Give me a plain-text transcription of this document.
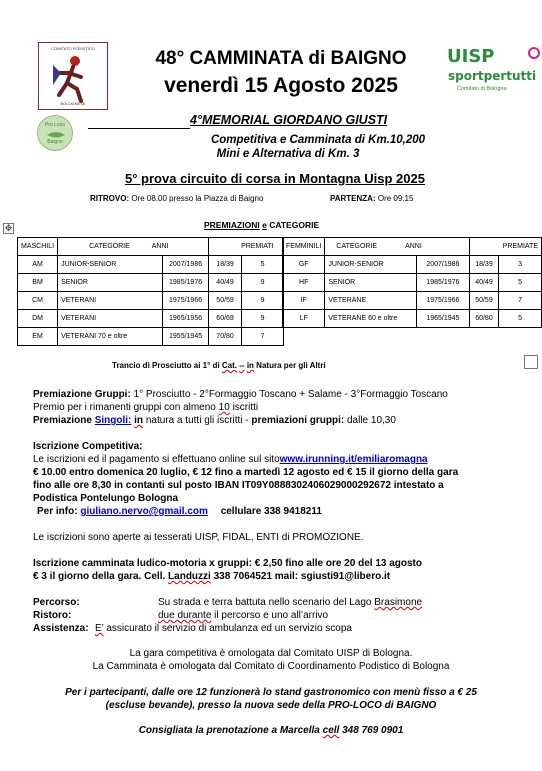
COMITATO PODISTICO
BOLOGNESE
Pro Loco
Baigno
UISP
sportpertutti
Comitato di Bologna
48° CAMMINATA di BAIGNO
venerdì 15 Agosto 2025
4°MEMORIAL GIORDANO GIUSTI
Competitiva e Camminata di Km.10,200
Mini e Alternativa di Km. 3
5° prova circuito di corsa in Montagna Uisp 2025
RITROVO: Ore 08.00 presso la Piazza di Baigno	PARTENZA: Ore 09.15
✥	PREMIAZIONI e CATEGORIE
MASCHILI	CATEGORIE ANNI		PREMIATI	
AM	JUNIOR-SENIOR	2007/1986	18/39	5
BM	SENIOR	1985/1976	40/49	9
CM	VETERANI	1975/1966	50/59	9
DM	VETERANI	1965/1956	60/69	9
EM	VETERANI 70 e oltre	1955/1945	70/80	7
FEMMINILI	CATEGORIE ANNI		PREMIATE	
GF	JUNIOR-SENIOR	2007/1986	18/39	3
HF	SENIOR	1985/1976	40/49	5
IF	VETERANE	1975/1966	50/59	7
LF	VETERANE 60 e oltre	1965/1945	60/80	5
Trancio di Prosciutto ai 1° di Cat. -- in Natura per gli Altri
Premiazione Gruppi: 1° Prosciutto - 2°Formaggio Toscano + Salame - 3°Formaggio Toscano
Premio per i rimanenti gruppi con almeno 10 iscritti
Premiazione Singoli: in natura a tutti gli iscritti - premiazioni gruppi: dalle 10,30
Iscrizione Competitiva:
Le iscrizioni ed il pagamento si effettuano online sul sitowww.irunning.it/emiliaromagna
€ 10.00 entro domenica 20 luglio, € 12 fino a martedì 12 agosto ed € 15 il giorno della gara
fino alle ore 8,30 in contanti sul posto IBAN IT09Y0888302406029000292672 intestato a
Podistica Pontelungo Bologna
Per info: giuliano.nervo@gmail.com cellulare 338 9418211
Le iscrizioni sono aperte ai tesserati UISP, FIDAL, ENTI di PROMOZIONE.
Iscrizione camminata ludico-motoria x gruppi: € 2,50 fino alle ore 20 del 13 agosto
€ 3 il giorno della gara. Cell. Landuzzi 338 7064521 mail: sgiusti91@libero.it
Percorso:	Su strada e terra battuta nello scenario del Lago Brasimone
Ristoro:	due durante il percorso e uno all’arrivo
Assistenza: E’ assicurato il servizio di ambulanza ed un servizio scopa
La gara competitiva è omologata dal Comitato UISP di Bologna.
La Camminata è omologata dal Comitato di Coordinamento Podistico di Bologna
Per i partecipanti, dalle ore 12 funzionerà lo stand gastronomico con menù fisso a € 25
(escluse bevande), presso la nuova sede della PRO-LOCO di BAIGNO
Consigliata la prenotazione a Marcella cell 348 769 0901
